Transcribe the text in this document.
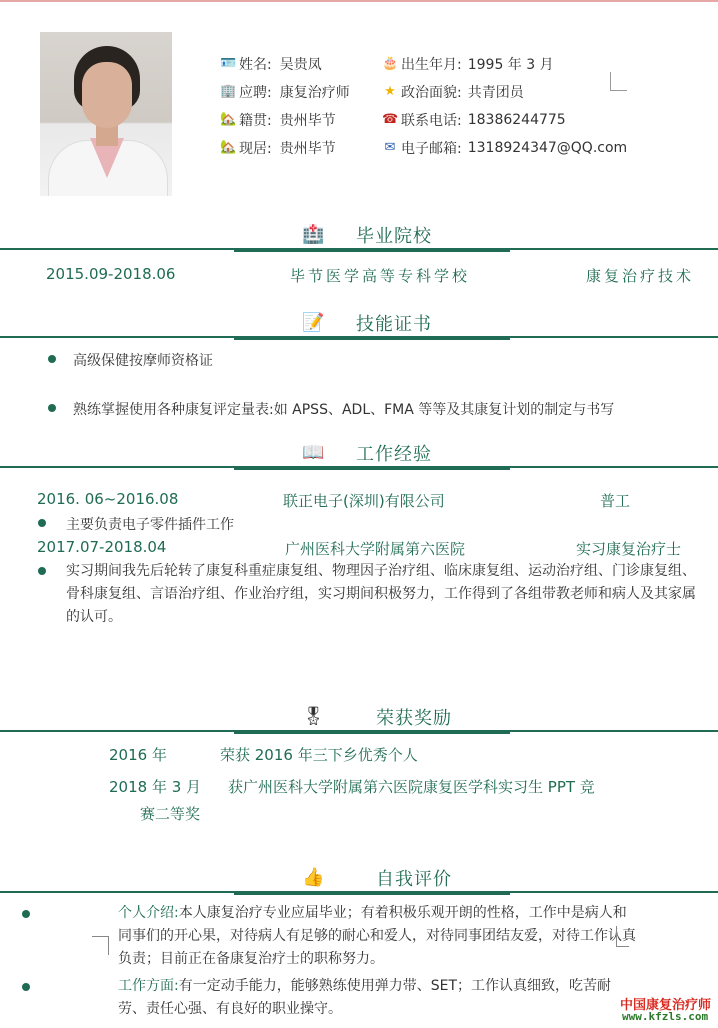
🪪 姓名: 吴贵凤
🏢 应聘: 康复治疗师
🏡 籍贯: 贵州毕节
🏡 现居: 贵州毕节
🎂 出生年月: 1995 年 3 月
★ 政治面貌: 共青团员
☎ 联系电话: 18386244775
✉ 电子邮箱: 1318924347@QQ.com
🏥 毕业院校
2015.09-2018.06	毕节医学高等专科学校	康复治疗技术
📝 技能证书
高级保健按摩师资格证
熟练掌握使用各种康复评定量表:如 APSS、ADL、FMA 等等及其康复计划的制定与书写
📖 工作经验
2016. 06~2016.08	联正电子(深圳)有限公司	普工
主要负责电子零件插件工作
2017.07-2018.04	广州医科大学附属第六医院	实习康复治疗士
实习期间我先后轮转了康复科重症康复组、物理因子治疗组、临床康复组、运动治疗组、门诊康复组、骨科康复组、言语治疗组、作业治疗组，实习期间积极努力，工作得到了各组带教老师和病人及其家属的认可。
🎖	荣获奖励
2016 年	荣获 2016 年三下乡优秀个人
2018 年 3 月 获广州医科大学附属第六医院康复医学科实习生 PPT 竞
赛二等奖
👍	自我评价
个人介绍:本人康复治疗专业应届毕业；有着积极乐观开朗的性格，工作中是病人和同事们的开心果，对待病人有足够的耐心和爱人，对待同事团结友爱，对待工作认真负责；目前正在备康复治疗士的职称努力。
工作方面:有一定动手能力，能够熟练使用弹力带、SET；工作认真细致，吃苦耐劳、责任心强、有良好的职业操守。	中国康复治疗师
www.kfzls.com
